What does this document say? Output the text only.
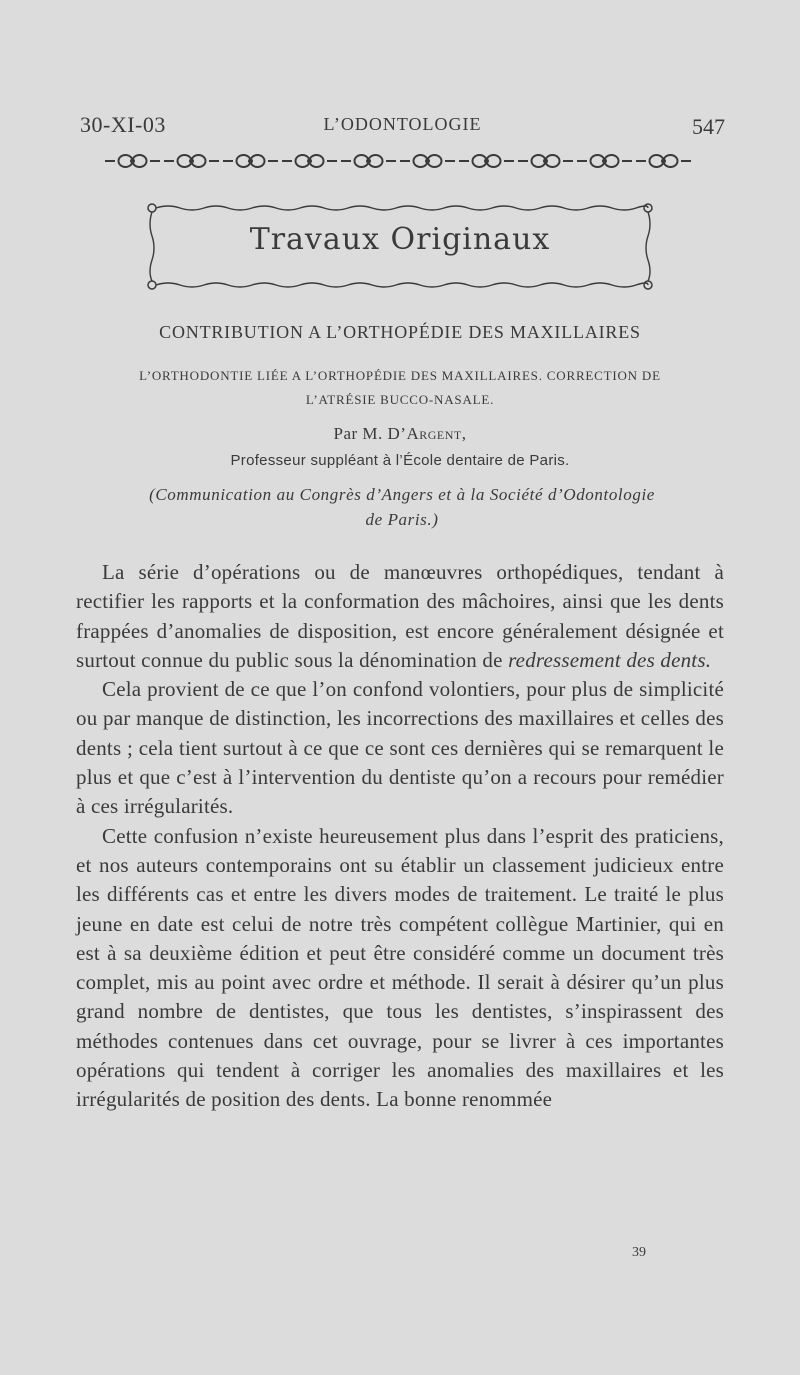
30-XI-03	L’ODONTOLOGIE	547
Travaux Originaux
CONTRIBUTION A L’ORTHOPÉDIE DES MAXILLAIRES
L’ORTHODONTIE LIÉE A L’ORTHOPÉDIE DES MAXILLAIRES. CORRECTION DE
L’ATRÉSIE BUCCO-NASALE.
Par M. D’Argent,
Professeur suppléant à l’École dentaire de Paris.
(Communication au Congrès d’Angers et à la Société d’Odontologie
de Paris.)

La série d’opérations ou de manœuvres orthopédiques, tendant à rectifier les rapports et la conformation des mâchoires, ainsi que les dents frappées d’anomalies de disposition, est encore généralement désignée et surtout connue du public sous la dénomination de redressement des dents.

Cela provient de ce que l’on confond volontiers, pour plus de simplicité ou par manque de distinction, les incorrections des maxillaires et celles des dents ; cela tient surtout à ce que ce sont ces dernières qui se remarquent le plus et que c’est à l’intervention du dentiste qu’on a recours pour remédier à ces irrégularités.

Cette confusion n’existe heureusement plus dans l’esprit des praticiens, et nos auteurs contemporains ont su établir un classement judicieux entre les différents cas et entre les divers modes de traitement. Le traité le plus jeune en date est celui de notre très compétent collègue Martinier, qui en est à sa deuxième édition et peut être considéré comme un document très complet, mis au point avec ordre et méthode. Il serait à désirer qu’un plus grand nombre de dentistes, que tous les dentistes, s’inspirassent des méthodes contenues dans cet ouvrage, pour se livrer à ces importantes opérations qui tendent à corriger les anomalies des maxillaires et les irrégularités de position des dents. La bonne renommée

39
